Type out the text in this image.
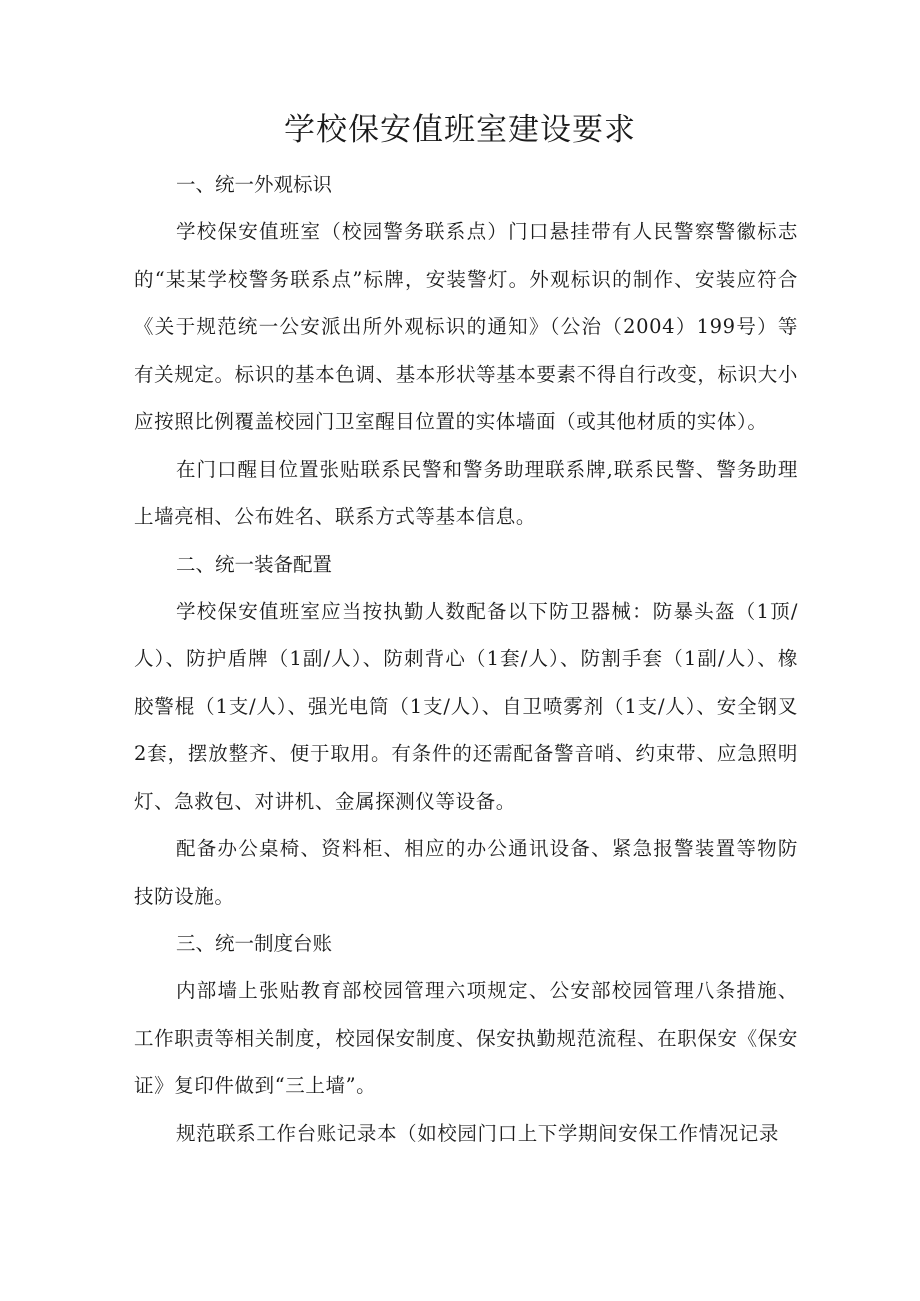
学校保安值班室建设要求

一、统一外观标识

学校保安值班室（校园警务联系点）门口悬挂带有人民警察警徽标志的“某某学校警务联系点”标牌，安装警灯。外观标识的制作、安装应符合《关于规范统一公安派出所外观标识的通知》（公治（2004）199号）等有关规定。标识的基本色调、基本形状等基本要素不得自行改变，标识大小应按照比例覆盖校园门卫室醒目位置的实体墙面（或其他材质的实体）。

在门口醒目位置张贴联系民警和警务助理联系牌,联系民警、警务助理上墙亮相、公布姓名、联系方式等基本信息。

二、统一装备配置

学校保安值班室应当按执勤人数配备以下防卫器械：防暴头盔（1顶/人）、防护盾牌（1副/人）、防刺背心（1套/人）、防割手套（1副/人）、橡胶警棍（1支/人）、强光电筒（1支/人）、自卫喷雾剂（1支/人）、安全钢叉2套，摆放整齐、便于取用。有条件的还需配备警音哨、约束带、应急照明灯、急救包、对讲机、金属探测仪等设备。

配备办公桌椅、资料柜、相应的办公通讯设备、紧急报警装置等物防技防设施。

三、统一制度台账

内部墙上张贴教育部校园管理六项规定、公安部校园管理八条措施、工作职责等相关制度，校园保安制度、保安执勤规范流程、在职保安《保安证》复印件做到“三上墙”。

规范联系工作台账记录本（如校园门口上下学期间安保工作情况记录
